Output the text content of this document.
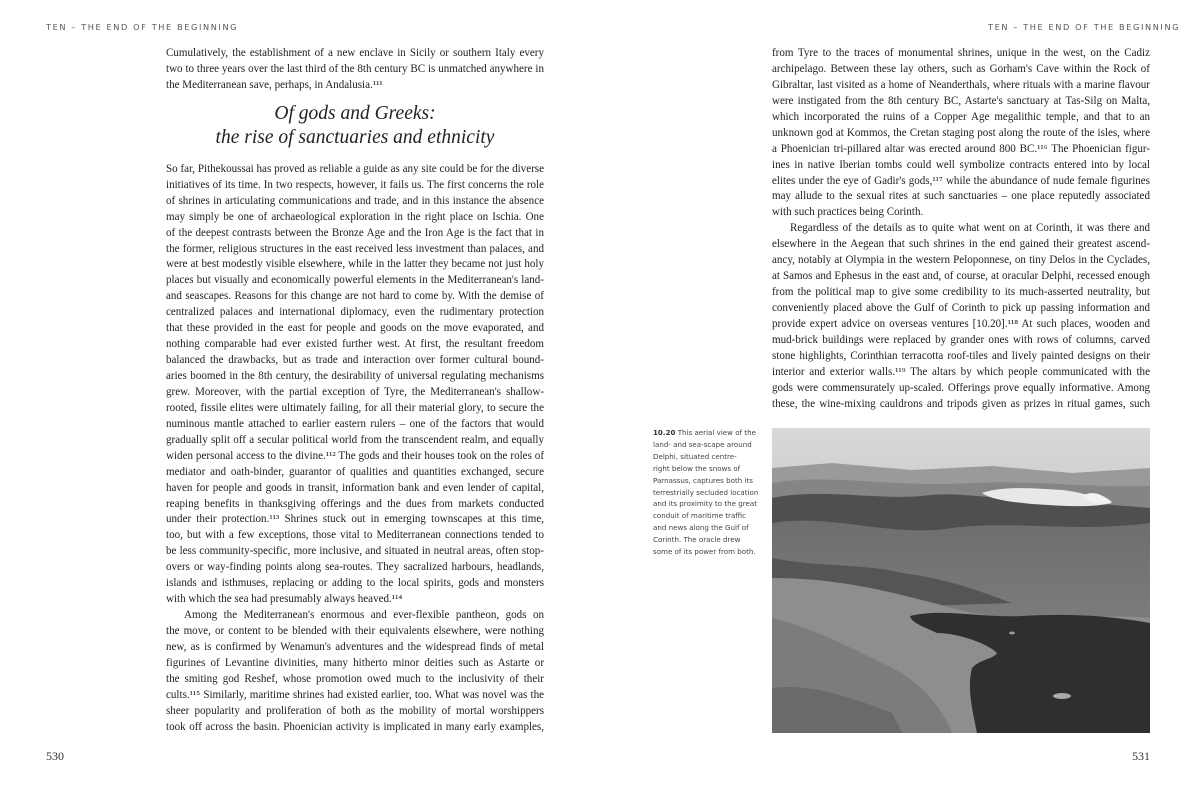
TEN – THE END OF THE BEGINNING	TEN – THE END OF THE BEGINNING
Cumulatively, the establishment of a new enclave in Sicily or southern Italy every
two to three years over the last third of the 8th century BC is unmatched anywhere in
the Mediterranean save, perhaps, in Andalusia.¹¹¹
Of gods and Greeks:
the rise of sanctuaries and ethnicity
So far, Pithekoussai has proved as reliable a guide as any site could be for the diverse
initiatives of its time. In two respects, however, it fails us. The first concerns the role
of shrines in articulating communications and trade, and in this instance the absence
may simply be one of archaeological exploration in the right place on Ischia. One
of the deepest contrasts between the Bronze Age and the Iron Age is the fact that in
the former, religious structures in the east received less investment than palaces, and
were at best modestly visible elsewhere, while in the latter they became not just holy
places but visually and economically powerful elements in the Mediterranean's land-
and seascapes. Reasons for this change are not hard to come by. With the demise of
centralized palaces and international diplomacy, even the rudimentary protection
that these provided in the east for people and goods on the move evaporated, and
nothing comparable had ever existed further west. At first, the resultant freedom
balanced the drawbacks, but as trade and interaction over former cultural bound-
aries boomed in the 8th century, the desirability of universal regulating mechanisms
grew. Moreover, with the partial exception of Tyre, the Mediterranean's shallow-
rooted, fissile elites were ultimately failing, for all their material glory, to secure the
numinous mantle attached to earlier eastern rulers – one of the factors that would
gradually split off a secular political world from the transcendent realm, and equally
widen personal access to the divine.¹¹² The gods and their houses took on the roles of
mediator and oath-binder, guarantor of qualities and quantities exchanged, secure
haven for people and goods in transit, information bank and even lender of capital,
reaping benefits in thanksgiving offerings and the dues from markets conducted
under their protection.¹¹³ Shrines stuck out in emerging townscapes at this time,
too, but with a few exceptions, those vital to Mediterranean connections tended to
be less community-specific, more inclusive, and situated in neutral areas, often stop-
overs or way-finding points along sea-routes. They sacralized harbours, headlands,
islands and isthmuses, replacing or adding to the local spirits, gods and monsters
with which the sea had presumably always heaved.¹¹⁴
Among the Mediterranean's enormous and ever-flexible pantheon, gods on
the move, or content to be blended with their equivalents elsewhere, were nothing
new, as is confirmed by Wenamun's adventures and the widespread finds of metal
figurines of Levantine divinities, many hitherto minor deities such as Astarte or
the smiting god Reshef, whose promotion owed much to the inclusivity of their
cults.¹¹⁵ Similarly, maritime shrines had existed earlier, too. What was novel was the
sheer popularity and proliferation of both as the mobility of mortal worshippers
took off across the basin. Phoenician activity is implicated in many early examples,
from Tyre to the traces of monumental shrines, unique in the west, on the Cadiz
archipelago. Between these lay others, such as Gorham's Cave within the Rock of
Gibraltar, last visited as a home of Neanderthals, where rituals with a marine flavour
were instigated from the 8th century BC, Astarte's sanctuary at Tas-Silg on Malta,
which incorporated the ruins of a Copper Age megalithic temple, and that to an
unknown god at Kommos, the Cretan staging post along the route of the isles, where
a Phoenician tri-pillared altar was erected around 800 BC.¹¹⁶ The Phoenician figur-
ines in native Iberian tombs could well symbolize contracts entered into by local
elites under the eye of Gadir's gods,¹¹⁷ while the abundance of nude female figurines
may allude to the sexual rites at such sanctuaries – one place reputedly associated
with such practices being Corinth.
Regardless of the details as to quite what went on at Corinth, it was there and
elsewhere in the Aegean that such shrines in the end gained their greatest ascend-
ancy, notably at Olympia in the western Peloponnese, on tiny Delos in the Cyclades,
at Samos and Ephesus in the east and, of course, at oracular Delphi, recessed enough
from the political map to give some credibility to its much-asserted neutrality, but
conveniently placed above the Gulf of Corinth to pick up passing information and
provide expert advice on overseas ventures [10.20].¹¹⁸ At such places, wooden and
mud-brick buildings were replaced by grander ones with rows of columns, carved
stone highlights, Corinthian terracotta roof-tiles and lively painted designs on their
interior and exterior walls.¹¹⁹ The altars by which people communicated with the
gods were commensurately up-scaled. Offerings prove equally informative. Among
these, the wine-mixing cauldrons and tripods given as prizes in ritual games, such
10.20 This aerial view of the
land- and sea-scape around
Delphi, situated centre-
right below the snows of
Parnassus, captures both its
terrestrially secluded location
and its proximity to the great
conduit of maritime traffic
and news along the Gulf of
Corinth. The oracle drew
some of its power from both.
530	531
